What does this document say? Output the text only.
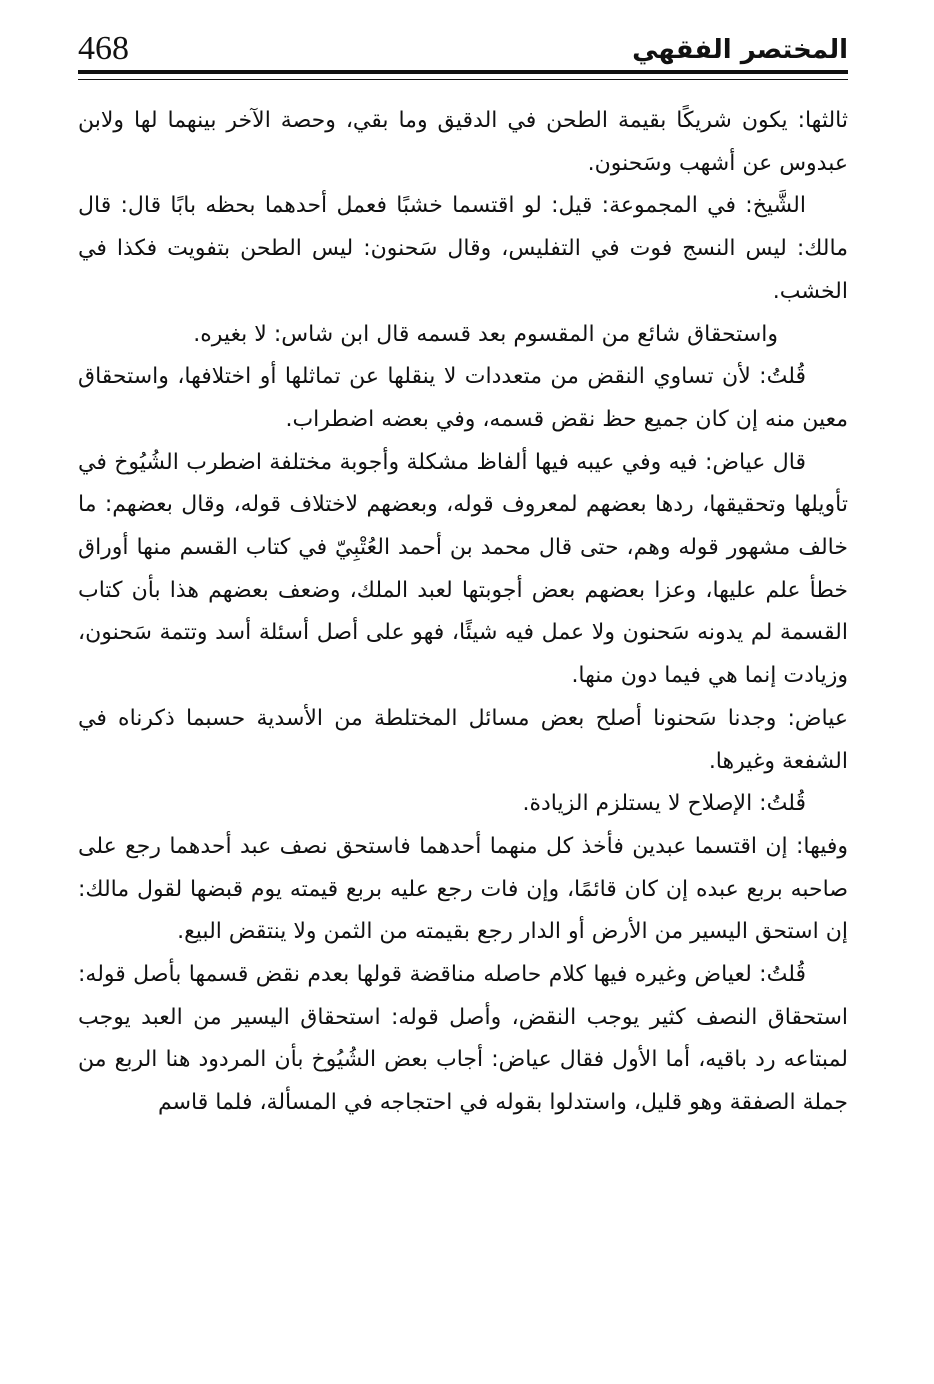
468	المختصر الفقهي

ثالثها: يكون شريكًا بقيمة الطحن في الدقيق وما بقي، وحصة الآخر بينهما لها ولابن عبدوس عن أشهب وسَحنون.

الشَّيخ: في المجموعة: قيل: لو اقتسما خشبًا فعمل أحدهما بحظه بابًا قال: قال مالك: ليس النسج فوت في التفليس، وقال سَحنون: ليس الطحن بتفويت فكذا في الخشب.

واستحقاق شائع من المقسوم بعد قسمه قال ابن شاس: لا بغيره.

قُلتُ: لأن تساوي النقض من متعددات لا ينقلها عن تماثلها أو اختلافها، واستحقاق معين منه إن كان جميع حظ نقض قسمه، وفي بعضه اضطراب.

قال عياض: فيه وفي عيبه فيها ألفاظ مشكلة وأجوبة مختلفة اضطرب الشُيُوخ في تأويلها وتحقيقها، ردها بعضهم لمعروف قوله، وبعضهم لاختلاف قوله، وقال بعضهم: ما خالف مشهور قوله وهم، حتى قال محمد بن أحمد العُتْبِيّ في كتاب القسم منها أوراق خطأ علم عليها، وعزا بعضهم بعض أجوبتها لعبد الملك، وضعف بعضهم هذا بأن كتاب القسمة لم يدونه سَحنون ولا عمل فيه شيئًا، فهو على أصل أسئلة أسد وتتمة سَحنون، وزيادت إنما هي فيما دون منها.

عياض: وجدنا سَحنونا أصلح بعض مسائل المختلطة من الأسدية حسبما ذكرناه في الشفعة وغيرها.

قُلتُ: الإصلاح لا يستلزم الزيادة.

وفيها: إن اقتسما عبدين فأخذ كل منهما أحدهما فاستحق نصف عبد أحدهما رجع على صاحبه بربع عبده إن كان قائمًا، وإن فات رجع عليه بربع قيمته يوم قبضها لقول مالك: إن استحق اليسير من الأرض أو الدار رجع بقيمته من الثمن ولا ينتقض البيع.

قُلتُ: لعياض وغيره فيها كلام حاصله مناقضة قولها بعدم نقض قسمها بأصل قوله: استحقاق النصف كثير يوجب النقض، وأصل قوله: استحقاق اليسير من العبد يوجب لمبتاعه رد باقيه، أما الأول فقال عياض: أجاب بعض الشُيُوخ بأن المردود هنا الربع من جملة الصفقة وهو قليل، واستدلوا بقوله في احتجاجه في المسألة، فلما قاسم
